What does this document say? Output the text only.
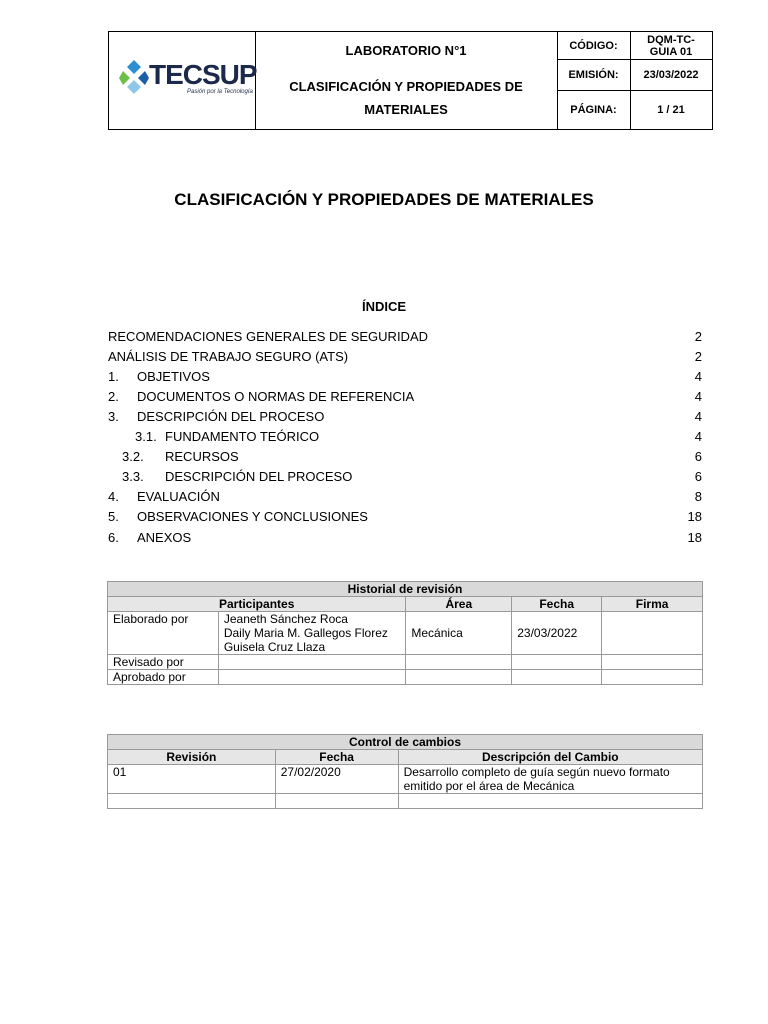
TECSUP
Pasión por la Tecnología
LABORATORIO N°1
CLASIFICACIÓN Y PROPIEDADES DE MATERIALES
CÓDIGO:	DQM-TC-GUIA 01
EMISIÓN:	23/03/2022
PÁGINA:	1 / 21
CLASIFICACIÓN Y PROPIEDADES DE MATERIALES
ÍNDICE
RECOMENDACIONES GENERALES DE SEGURIDAD	2
ANÁLISIS DE TRABAJO SEGURO (ATS)	2
1. OBJETIVOS	4
2. DOCUMENTOS O NORMAS DE REFERENCIA	4
3. DESCRIPCIÓN DEL PROCESO	4
3.1. FUNDAMENTO TEÓRICO	4
3.2. RECURSOS	6
3.3. DESCRIPCIÓN DEL PROCESO	6
4. EVALUACIÓN	8
5. OBSERVACIONES Y CONCLUSIONES	18
6. ANEXOS	18
Historial de revisión				
Participantes		Área	Fecha	Firma
Elaborado por	Jeaneth Sánchez Roca
Daily Maria M. Gallegos Florez
Guisela Cruz Llaza	Mecánica	23/03/2022	
Revisado por				
Aprobado por				
Control de cambios		
Revisión	Fecha	Descripción del Cambio
01	27/02/2020	Desarrollo completo de guía según nuevo formato emitido por el área de Mecánica
